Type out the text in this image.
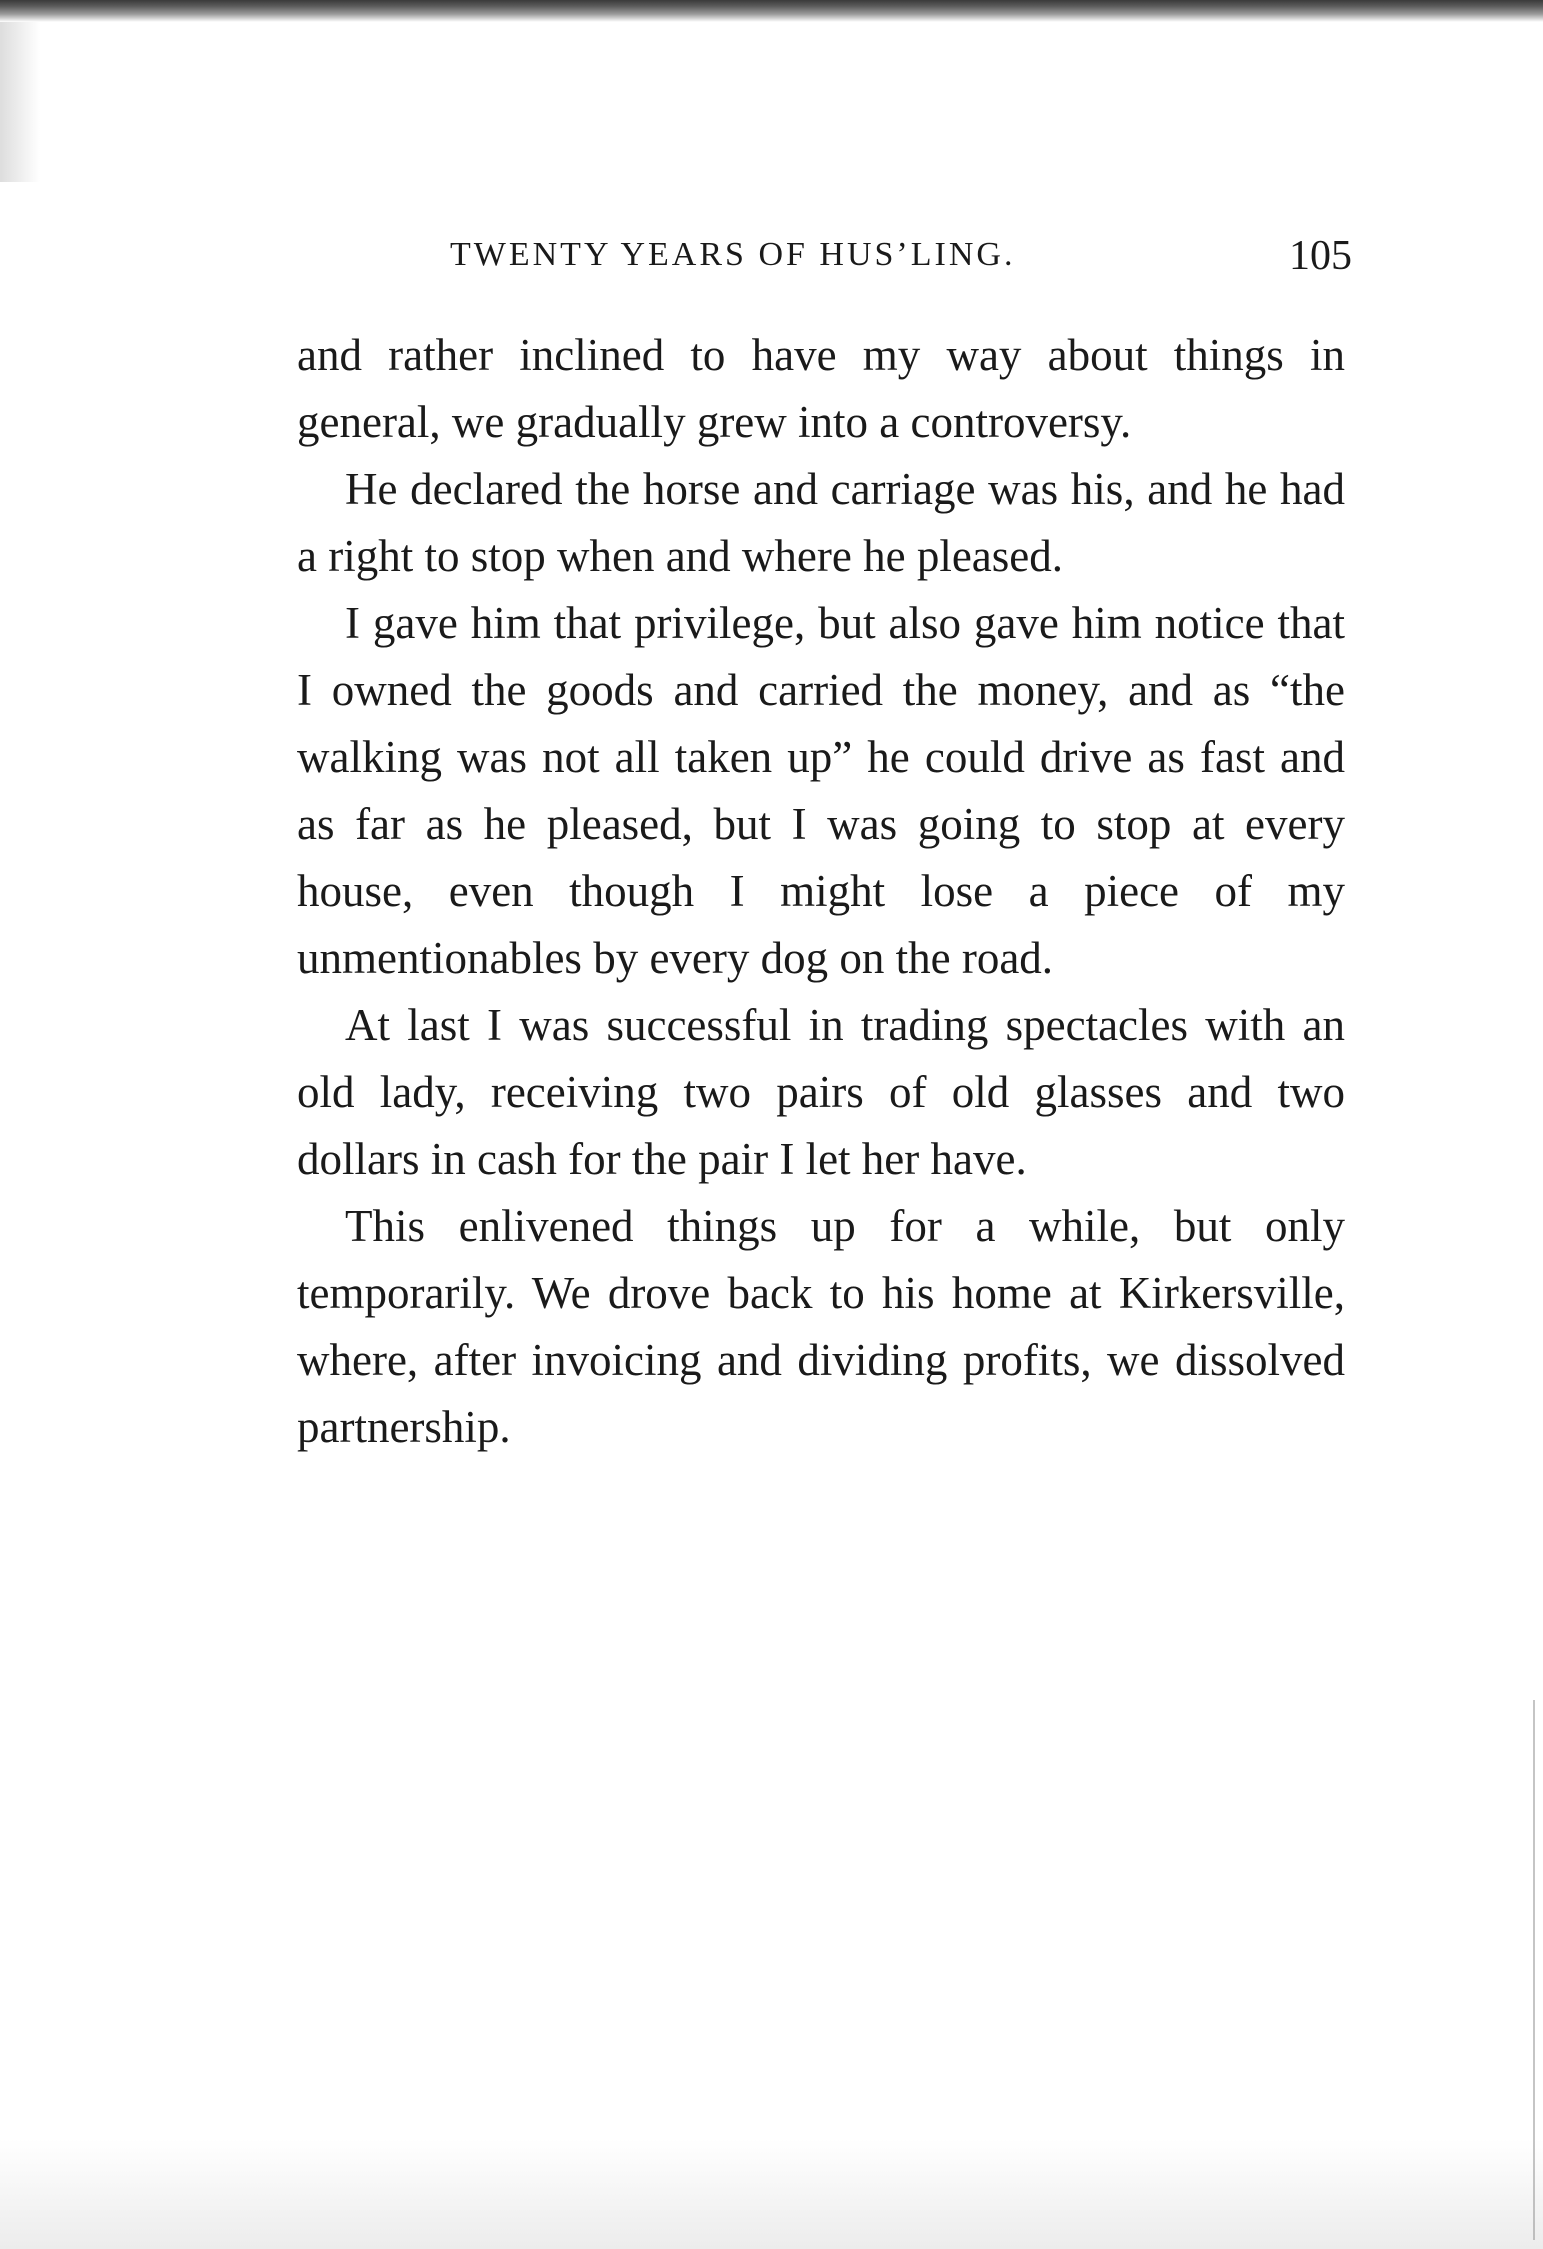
TWENTY YEARS OF HUS’LING.	105

and rather inclined to have my way about things in general, we gradually grew into a controversy.

He declared the horse and carriage was his, and he had a right to stop when and where he pleased.

I gave him that privilege, but also gave him notice that I owned the goods and carried the money, and as “the walking was not all taken up” he could drive as fast and as far as he pleased, but I was going to stop at every house, even though I might lose a piece of my unmentionables by every dog on the road.

At last I was successful in trading spectacles with an old lady, receiving two pairs of old glasses and two dollars in cash for the pair I let her have.

This enlivened things up for a while, but only temporarily. We drove back to his home at Kirkersville, where, after invoicing and dividing profits, we dissolved partnership.
